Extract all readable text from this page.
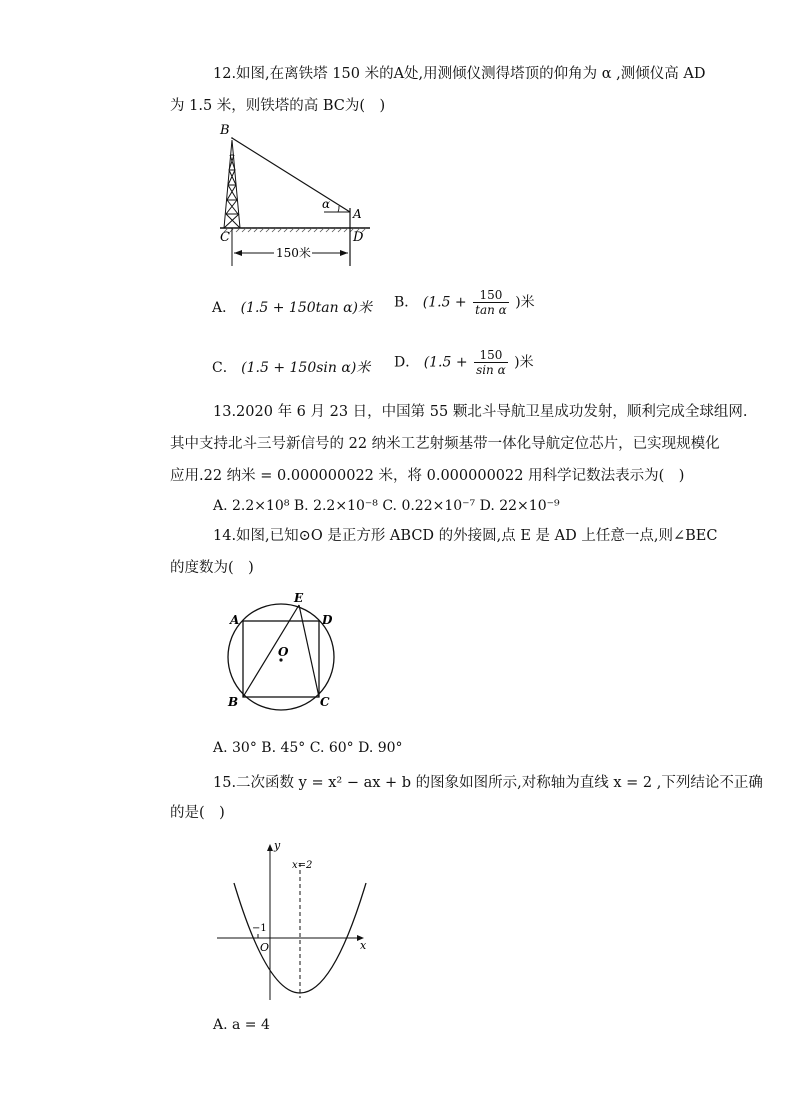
12.如图,在离铁塔 150 米的A处,用测倾仪测得塔顶的仰角为 α ,测倾仪高 AD
为 1.5 米，则铁塔的高 BC为(　)
B
C
A
D
α
150米
A． (1.5 + 150tan α)米 B． ($1.5 + \frac{150}{\text{tan α}}$ )米
C． (1.5 + 150sin α)米 D． ($1.5 + \frac{150}{\text{sin α}}$ )米
13.2020 年 6 月 23 日，中国第 55 颗北斗导航卫星成功发射，顺利完成全球组网.
其中支持北斗三号新信号的 22 纳米工艺射频基带一体化导航定位芯片，已实现规模化
应用.22 纳米 = 0.000000022 米，将 0.000000022 用科学记数法表示为(　)
A. 2.2×10⁸ B. 2.2×10⁻⁸ C. 0.22×10⁻⁷ D. 22×10⁻⁹
14.如图,已知⊙O 是正方形 ABCD 的外接圆,点 E 是 AD 上任意一点,则∠BEC
的度数为(　)
A
B	C
D
E
O
A. 30° B. 45° C. 60° D. 90°
15.二次函数 y = x² − ax + b 的图象如图所示,对称轴为直线 x = 2 ,下列结论不正确
的是(　)
y
x
O
−1
x=2
A. a = 4
